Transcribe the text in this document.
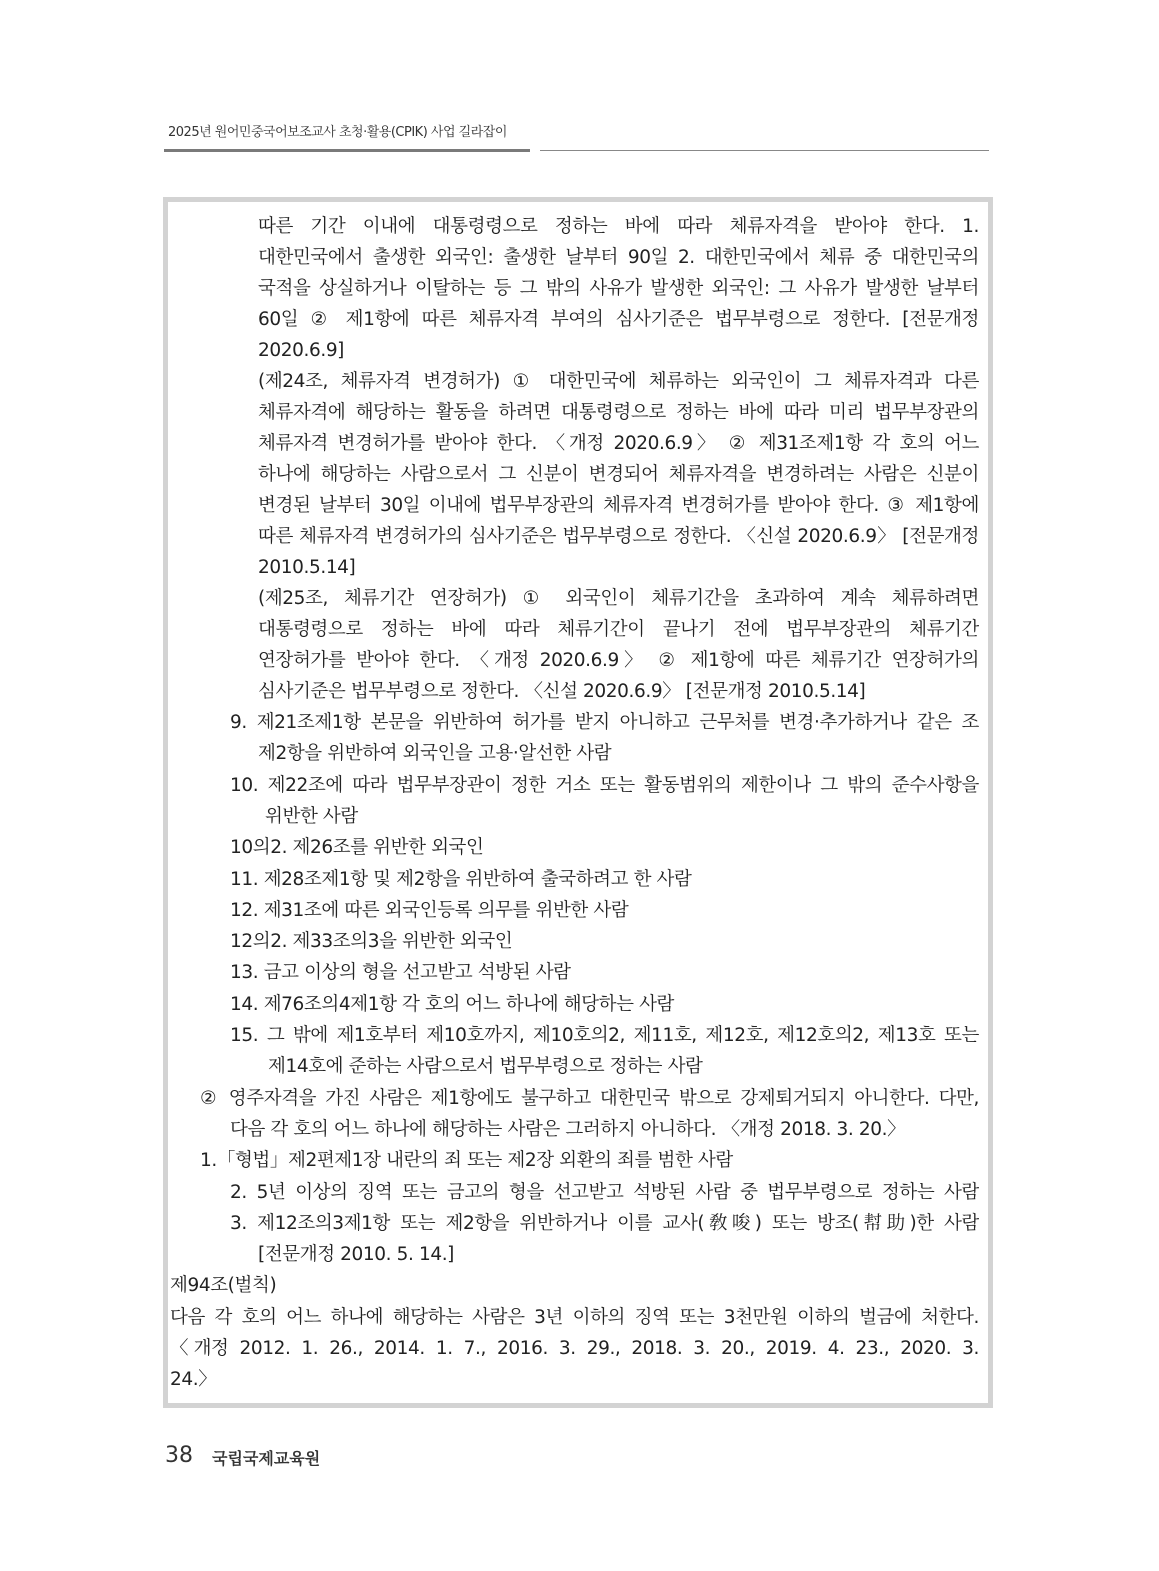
2025년 원어민중국어보조교사 초청·활용(CPIK) 사업 길라잡이
따른 기간 이내에 대통령령으로 정하는 바에 따라 체류자격을 받아야 한다. 1.
대한민국에서 출생한 외국인: 출생한 날부터 90일 2. 대한민국에서 체류 중 대한민국의
국적을 상실하거나 이탈하는 등 그 밖의 사유가 발생한 외국인: 그 사유가 발생한 날부터
60일 ② 제1항에 따른 체류자격 부여의 심사기준은 법무부령으로 정한다. [전문개정
2020.6.9]
(제24조, 체류자격 변경허가) ① 대한민국에 체류하는 외국인이 그 체류자격과 다른
체류자격에 해당하는 활동을 하려면 대통령령으로 정하는 바에 따라 미리 법무부장관의
체류자격 변경허가를 받아야 한다. 〈개정 2020.6.9〉 ② 제31조제1항 각 호의 어느
하나에 해당하는 사람으로서 그 신분이 변경되어 체류자격을 변경하려는 사람은 신분이
변경된 날부터 30일 이내에 법무부장관의 체류자격 변경허가를 받아야 한다. ③ 제1항에
따른 체류자격 변경허가의 심사기준은 법무부령으로 정한다. 〈신설 2020.6.9〉 [전문개정
2010.5.14]
(제25조, 체류기간 연장허가) ① 외국인이 체류기간을 초과하여 계속 체류하려면
대통령령으로 정하는 바에 따라 체류기간이 끝나기 전에 법무부장관의 체류기간
연장허가를 받아야 한다. 〈개정 2020.6.9〉 ② 제1항에 따른 체류기간 연장허가의
심사기준은 법무부령으로 정한다. 〈신설 2020.6.9〉 [전문개정 2010.5.14]
9. 제21조제1항 본문을 위반하여 허가를 받지 아니하고 근무처를 변경·추가하거나 같은 조
제2항을 위반하여 외국인을 고용·알선한 사람
10. 제22조에 따라 법무부장관이 정한 거소 또는 활동범위의 제한이나 그 밖의 준수사항을
위반한 사람
10의2. 제26조를 위반한 외국인
11. 제28조제1항 및 제2항을 위반하여 출국하려고 한 사람
12. 제31조에 따른 외국인등록 의무를 위반한 사람
12의2. 제33조의3을 위반한 외국인
13. 금고 이상의 형을 선고받고 석방된 사람
14. 제76조의4제1항 각 호의 어느 하나에 해당하는 사람
15. 그 밖에 제1호부터 제10호까지, 제10호의2, 제11호, 제12호, 제12호의2, 제13호 또는
제14호에 준하는 사람으로서 법무부령으로 정하는 사람
② 영주자격을 가진 사람은 제1항에도 불구하고 대한민국 밖으로 강제퇴거되지 아니한다. 다만,
다음 각 호의 어느 하나에 해당하는 사람은 그러하지 아니하다. 〈개정 2018. 3. 20.〉
1.「형법」제2편제1장 내란의 죄 또는 제2장 외환의 죄를 범한 사람
2. 5년 이상의 징역 또는 금고의 형을 선고받고 석방된 사람 중 법무부령으로 정하는 사람
3. 제12조의3제1항 또는 제2항을 위반하거나 이를 교사(敎唆) 또는 방조(幇助)한 사람
[전문개정 2010. 5. 14.]
제94조(벌칙)
다음 각 호의 어느 하나에 해당하는 사람은 3년 이하의 징역 또는 3천만원 이하의 벌금에 처한다.
〈개정 2012. 1. 26., 2014. 1. 7., 2016. 3. 29., 2018. 3. 20., 2019. 4. 23., 2020. 3.
24.〉
38 국립국제교육원
